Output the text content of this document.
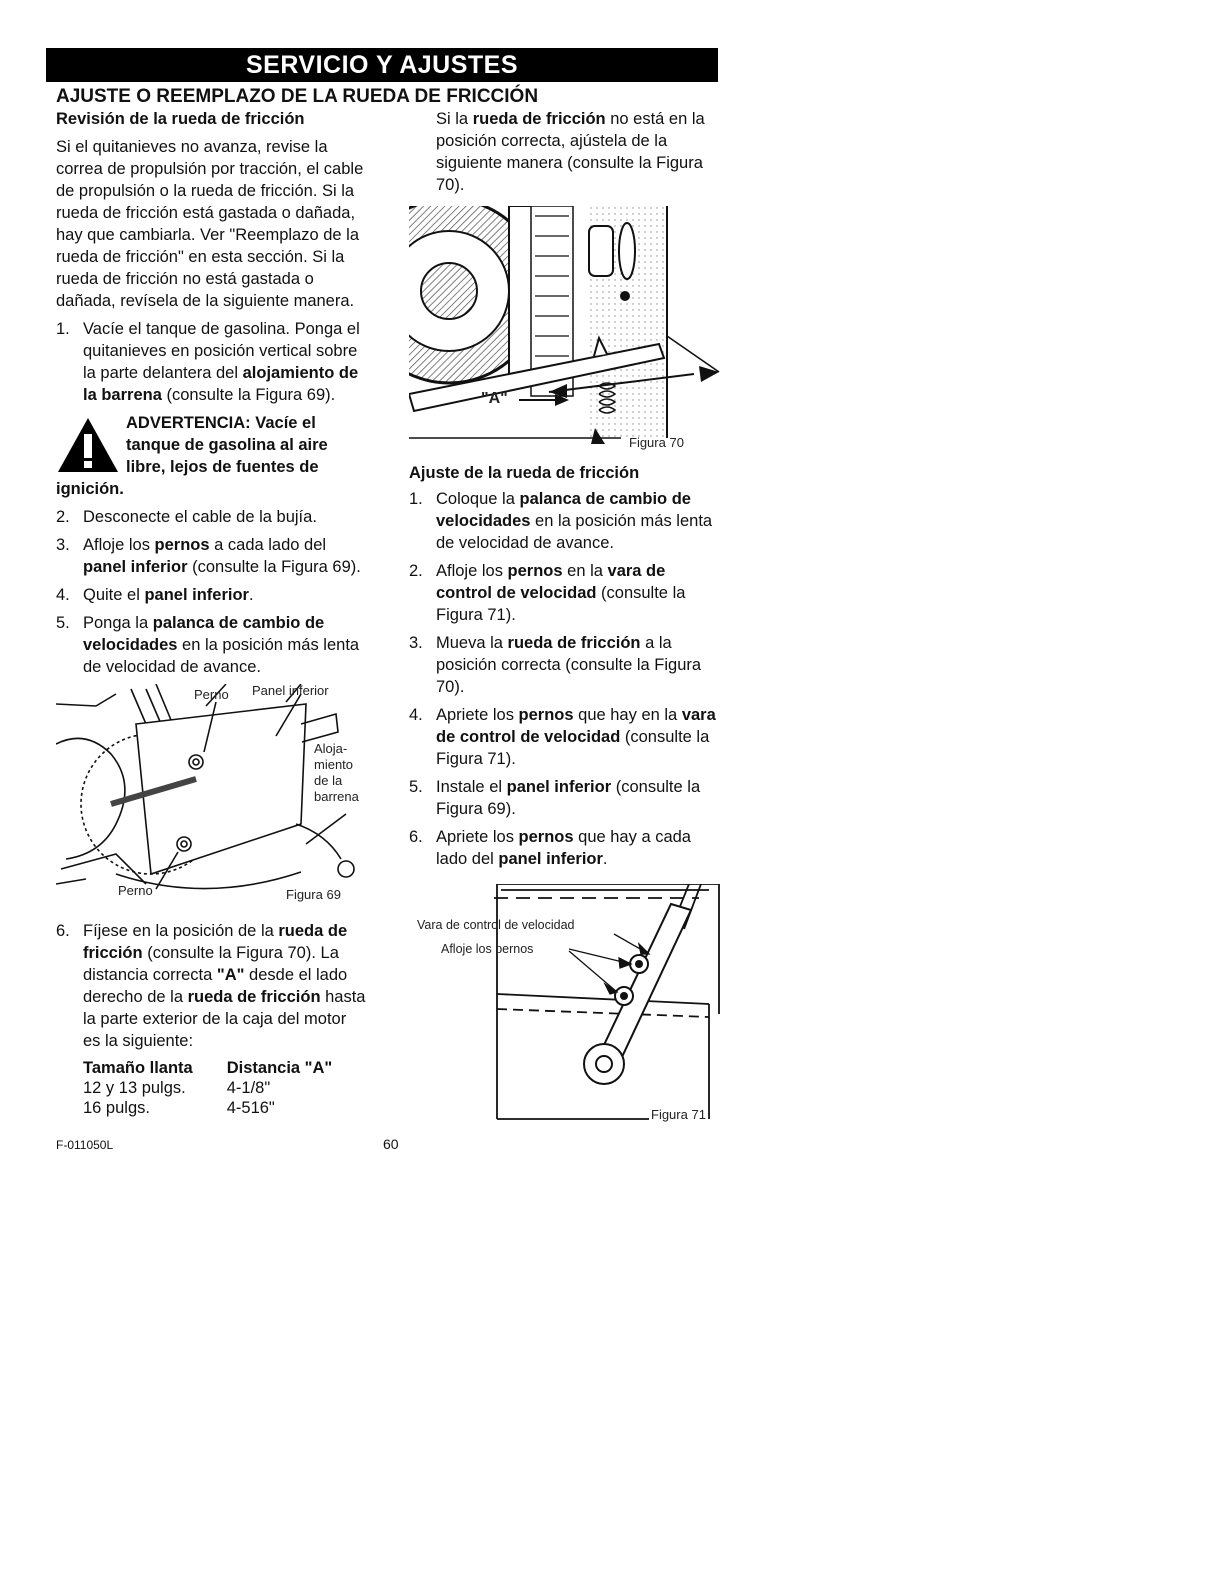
SERVICIO Y AJUSTES
AJUSTE O REEMPLAZO DE LA RUEDA DE FRICCIÓN
Revisión de la rueda de fricción

Si el quitanieves no avanza, revise la correa de propulsión por tracción, el cable de propulsión o la rueda de fricción. Si la rueda de fricción está gastada o dañada, hay que cambiarla. Ver "Reemplazo de la rueda de fricción" en esta sección. Si la rueda de fricción no está gastada o dañada, revísela de la siguiente manera.

1. Vacíe el tanque de gasolina. Ponga el quitanieves en posición vertical sobre la parte delantera del alojamiento de la barrena (consulte la Figura 69).
ADVERTENCIA: Vacíe el tanque de gasolina al aire libre, lejos de fuentes de
ignición.
2. Desconecte el cable de la bujía.
3. Afloje los pernos a cada lado del panel inferior (consulte la Figura 69).
4. Quite el panel inferior.
5. Ponga la palanca de cambio de velocidades en la posición más lenta de velocidad de avance.
Perno Panel inferior
Aloja-
miento
de la
barrena
Perno	Figura 69
6. Fíjese en la posición de la rueda de fricción (consulte la Figura 70). La distancia correcta "A" desde el lado derecho de la rueda de fricción hasta la parte exterior de la caja del motor es la siguiente:
Tamaño llanta	Distancia "A"
12 y 13 pulgs.	4-1/8"
16 pulgs.	4-516"

Si la rueda de fricción no está en la posición correcta, ajústela de la siguiente manera (consulte la Figura 70).

"A"
Figura 70
Ajuste de la rueda de fricción
1. Coloque la palanca de cambio de velocidades en la posición más lenta de velocidad de avance.
2. Afloje los pernos en la vara de control de velocidad (consulte la Figura 71).
3. Mueva la rueda de fricción a la posición correcta (consulte la Figura 70).
4. Apriete los pernos que hay en la vara de control de velocidad (consulte la Figura 71).
5. Instale el panel inferior (consulte la Figura 69).
6. Apriete los pernos que hay a cada lado del panel inferior.
Vara de control de velocidad
Afloje los pernos
Figura 71
F-011050L	60
